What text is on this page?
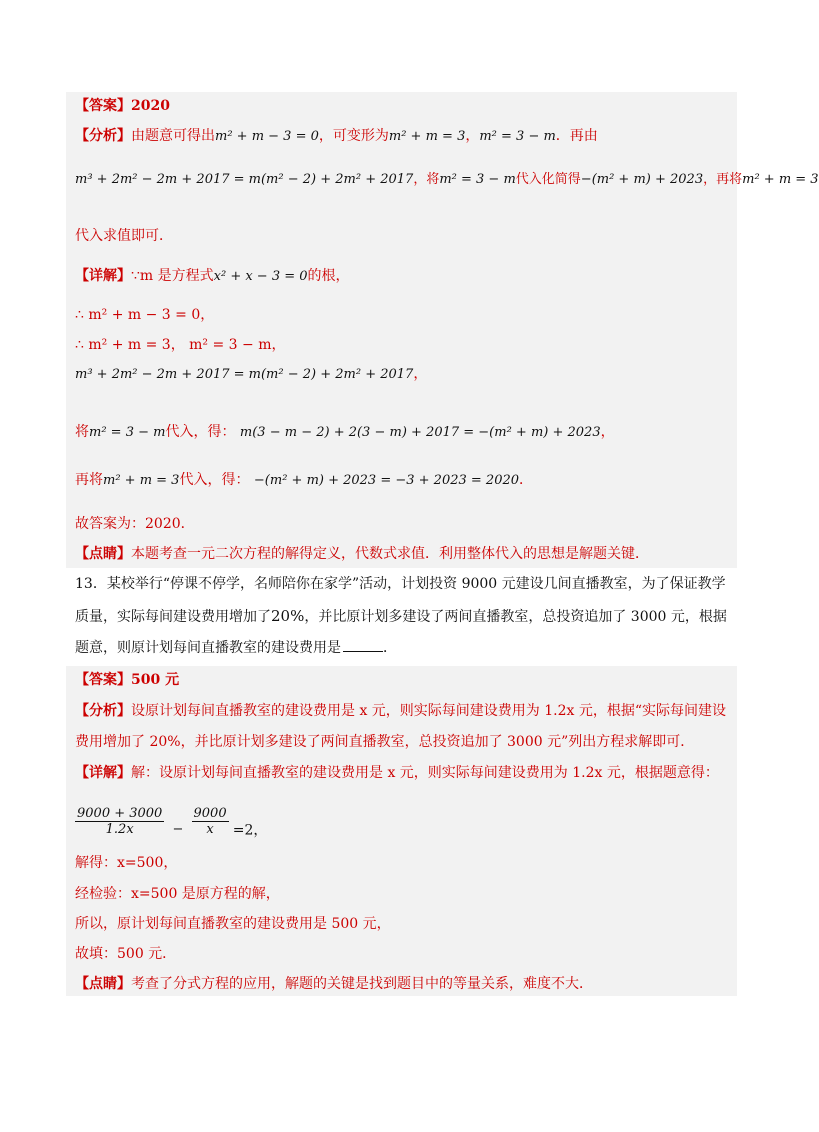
【答案】2020
【分析】由题意可得出m² + m − 3 = 0，可变形为m² + m = 3，m² = 3 − m．再由
m³ + 2m² − 2m + 2017 = m(m² − 2) + 2m² + 2017，将m² = 3 − m代入化简得−(m² + m) + 2023，再将m² + m = 3
代入求值即可．
【详解】∵m 是方程式x² + x − 3 = 0的根，
∴ m² + m − 3 = 0，
∴ m² + m = 3， m² = 3 − m，
m³ + 2m² − 2m + 2017 = m(m² − 2) + 2m² + 2017，
将m² = 3 − m代入，得： m(3 − m − 2) + 2(3 − m) + 2017 = −(m² + m) + 2023，
再将m² + m = 3代入，得： −(m² + m) + 2023 = −3 + 2023 = 2020．
故答案为：2020．
【点睛】本题考查一元二次方程的解得定义，代数式求值．利用整体代入的思想是解题关键．
13．某校举行“停课不停学，名师陪你在家学”活动，计划投资 9000 元建设几间直播教室，为了保证教学
质量，实际每间建设费用增加了20%，并比原计划多建设了两间直播教室，总投资追加了 3000 元，根据
题意，则原计划每间直播教室的建设费用是	．
【答案】500 元
【分析】设原计划每间直播教室的建设费用是 x 元，则实际每间建设费用为 1.2x 元，根据“实际每间建设
费用增加了 20%，并比原计划多建设了两间直播教室，总投资追加了 3000 元”列出方程求解即可．
【详解】解：设原计划每间直播教室的建设费用是 x 元，则实际每间建设费用为 1.2x 元，根据题意得：
$\frac{9000 + 3000}{1.2x} - \frac{9000}{x} =2$，
解得：x=500，
经检验：x=500 是原方程的解，
所以，原计划每间直播教室的建设费用是 500 元，
故填：500 元．
【点睛】考查了分式方程的应用，解题的关键是找到题目中的等量关系，难度不大．
